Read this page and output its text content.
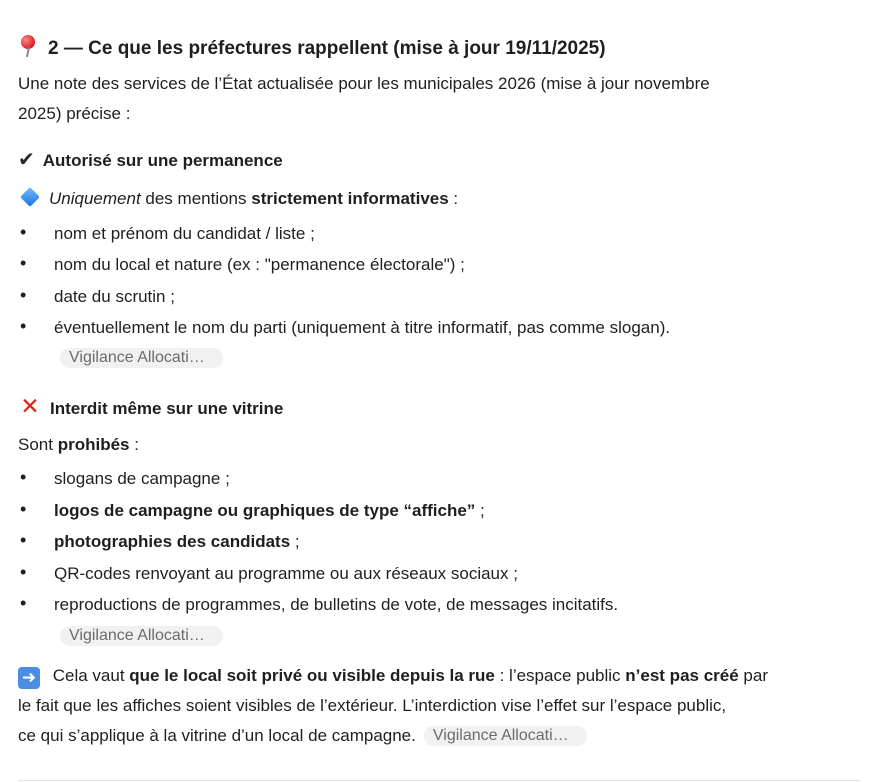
2 — Ce que les préfectures rappellent (mise à jour 19/11/2025)
Une note des services de l’État actualisée pour les municipales 2026 (mise à jour novembre
2025) précise :
✔ Autorisé sur une permanence
Uniquement des mentions strictement informatives :
• nom et prénom du candidat / liste ;
• nom du local et nature (ex : "permanence électorale") ;
• date du scrutin ;
• éventuellement le nom du parti (uniquement à titre informatif, pas comme slogan).
Vigilance Allocati…
✕ Interdit même sur une vitrine
Sont prohibés :
• slogans de campagne ;
• logos de campagne ou graphiques de type “affiche” ;
• photographies des candidats ;
• QR-codes renvoyant au programme ou aux réseaux sociaux ;
• reproductions de programmes, de bulletins de vote, de messages incitatifs.
Vigilance Allocati…
➜ Cela vaut que le local soit privé ou visible depuis la rue : l’espace public n’est pas créé par
le fait que les affiches soient visibles de l’extérieur. L’interdiction vise l’effet sur l’espace public,
ce qui s’applique à la vitrine d’un local de campagne. Vigilance Allocati…
